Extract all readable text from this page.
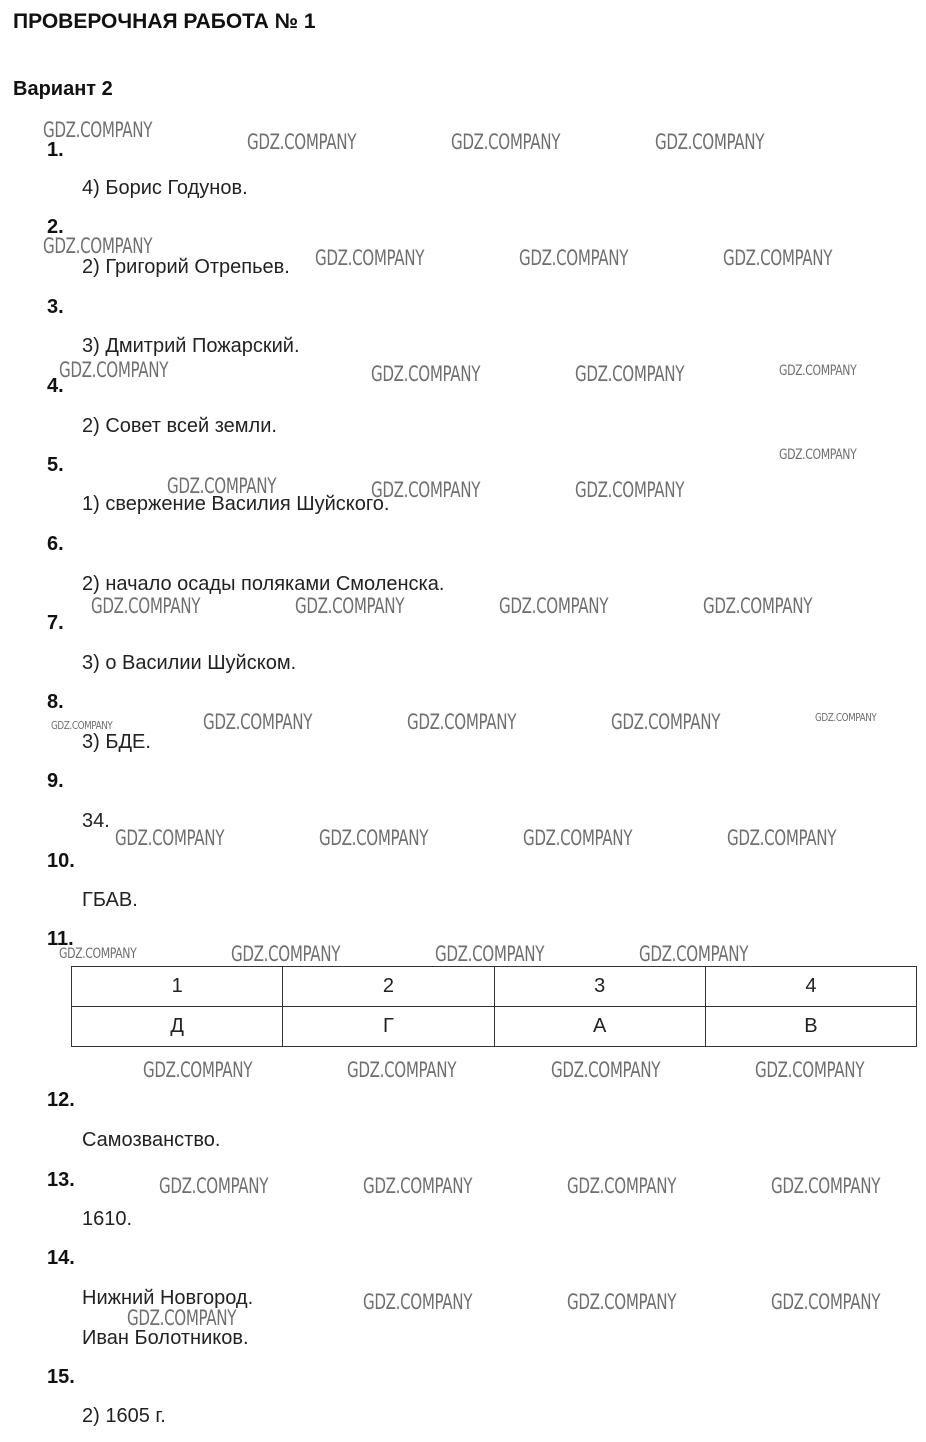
ПРОВЕРОЧНАЯ РАБОТА № 1
Вариант 2
1.
2.
3.
4.
5.
6.
7.
8.
9.
10.
11.
12.
13.
14.
15.
4) Борис Годунов.
2) Григорий Отрепьев.
3) Дмитрий Пожарский.
2) Совет всей земли.
1) свержение Василия Шуйского.
2) начало осады поляками Смоленска.
3) о Василии Шуйском.
3) БДЕ.
34.
ГБАВ.
Самозванство.
1610.
Нижний Новгород.
Иван Болотников.
2) 1605 г.
1	2	3	4
Д	Г	А	В
GDZ.COMPANY	GDZ.COMPANY	GDZ.COMPANY	GDZ.COMPANY
GDZ.COMPANY	GDZ.COMPANY	GDZ.COMPANY	GDZ.COMPANY
GDZ.COMPANY	GDZ.COMPANY	GDZ.COMPANY	GDZ.COMPANY
GDZ.COMPANY
GDZ.COMPANY	GDZ.COMPANY	GDZ.COMPANY
GDZ.COMPANY	GDZ.COMPANY	GDZ.COMPANY	GDZ.COMPANY
GDZ.COMPANY	GDZ.COMPANY	GDZ.COMPANY	GDZ.COMPANY	GDZ.COMPANY
GDZ.COMPANY	GDZ.COMPANY	GDZ.COMPANY	GDZ.COMPANY
GDZ.COMPANY	GDZ.COMPANY	GDZ.COMPANY	GDZ.COMPANY
GDZ.COMPANY	GDZ.COMPANY	GDZ.COMPANY	GDZ.COMPANY
GDZ.COMPANY	GDZ.COMPANY	GDZ.COMPANY	GDZ.COMPANY
GDZ.COMPANY
GDZ.COMPANY	GDZ.COMPANY	GDZ.COMPANY
